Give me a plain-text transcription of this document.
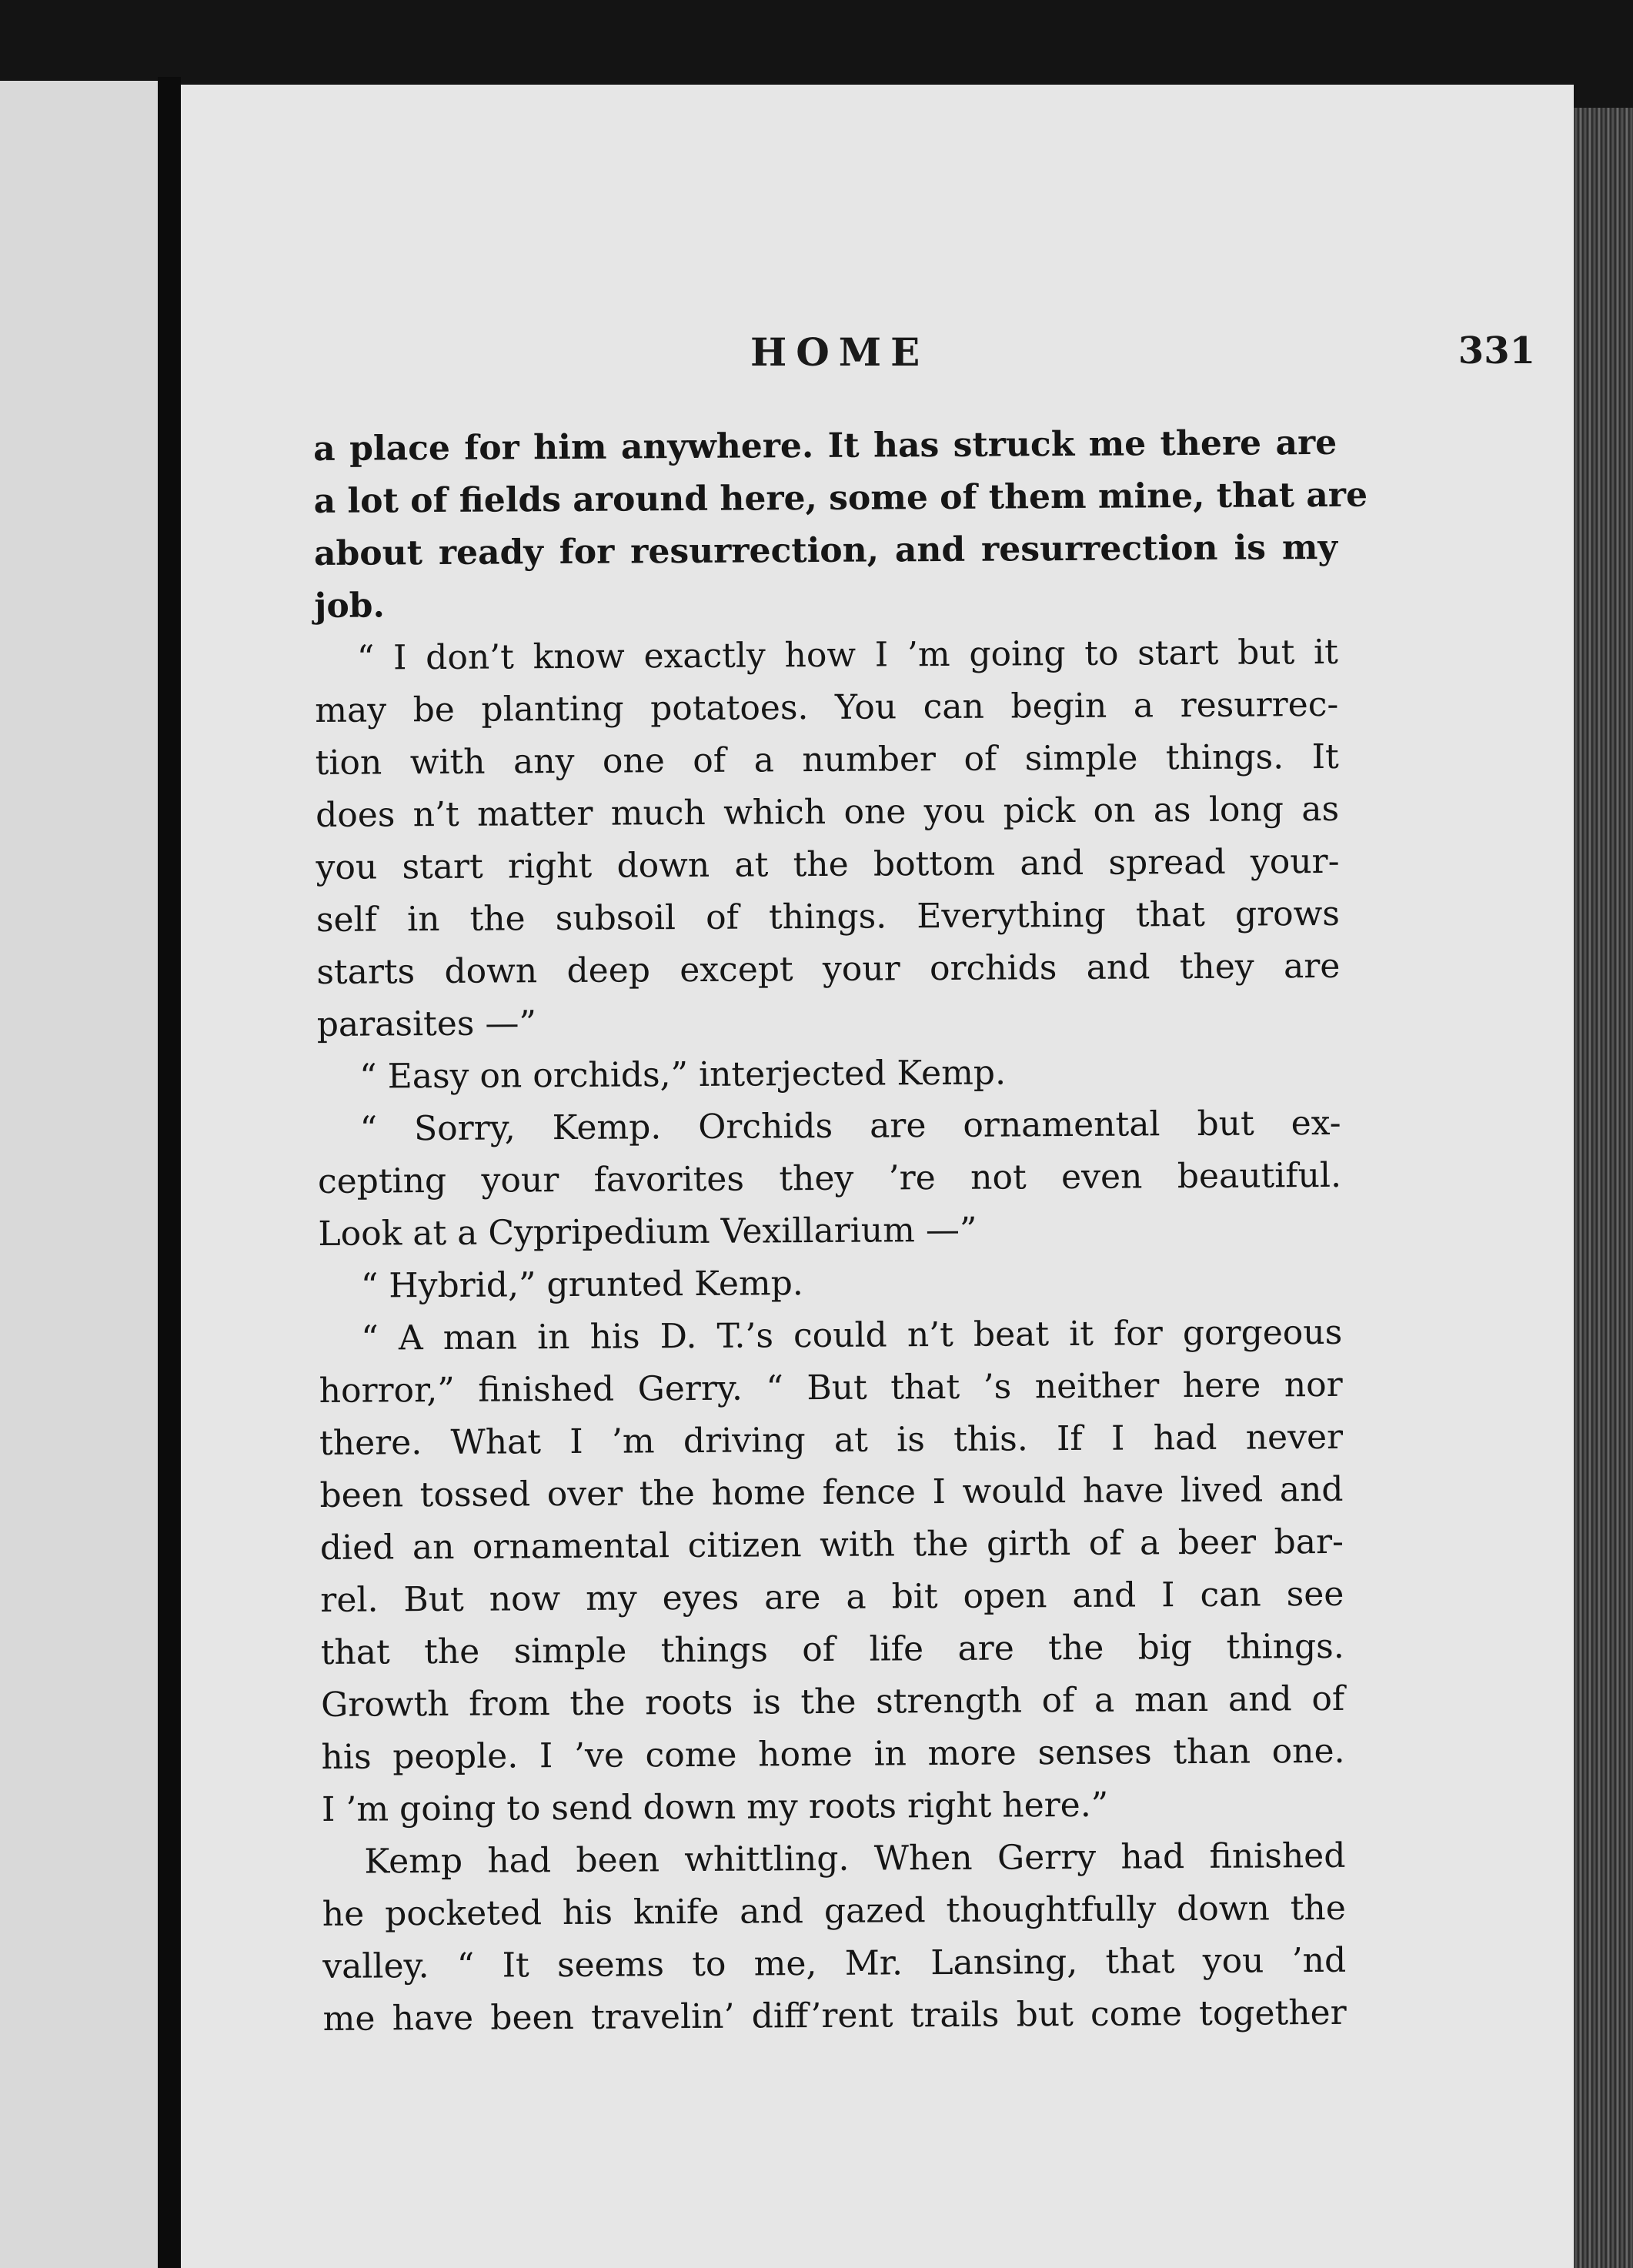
HOME	331
a place for him anywhere. It has struck me there are
a lot of fields around here, some of them mine, that are
about ready for resurrection, and resurrection is my
job.
“ I don’t know exactly how I ’m going to start but it
may be planting potatoes. You can begin a resurrec-
tion with any one of a number of simple things. It
does n’t matter much which one you pick on as long as
you start right down at the bottom and spread your-
self in the subsoil of things. Everything that grows
starts down deep except your orchids and they are
parasites —”
“ Easy on orchids,” interjected Kemp.
“ Sorry, Kemp. Orchids are ornamental but ex-
cepting your favorites they ’re not even beautiful.
Look at a Cypripedium Vexillarium —”
“ Hybrid,” grunted Kemp.
“ A man in his D. T.’s could n’t beat it for gorgeous
horror,” finished Gerry. “ But that ’s neither here nor
there. What I ’m driving at is this. If I had never
been tossed over the home fence I would have lived and
died an ornamental citizen with the girth of a beer bar-
rel. But now my eyes are a bit open and I can see
that the simple things of life are the big things.
Growth from the roots is the strength of a man and of
his people. I ’ve come home in more senses than one.
I ’m going to send down my roots right here.”
Kemp had been whittling. When Gerry had finished
he pocketed his knife and gazed thoughtfully down the
valley. “ It seems to me, Mr. Lansing, that you ’nd
me have been travelin’ diff’rent trails but come together
